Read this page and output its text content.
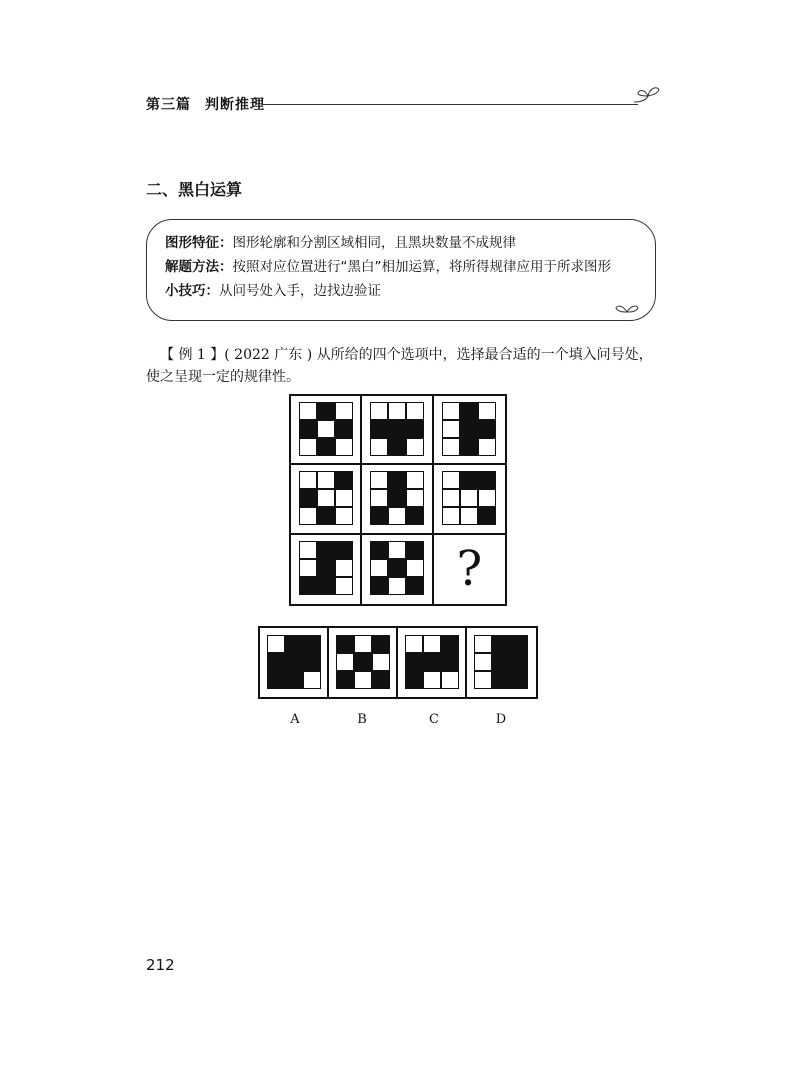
第三篇 判断推理
二、黑白运算
图形特征：图形轮廓和分割区域相同，且黑块数量不成规律
解题方法：按照对应位置进行“黑白”相加运算，将所得规律应用于所求图形
小技巧：从问号处入手，边找边验证
【 例 1 】( 2022 广东 ) 从所给的四个选项中，选择最合适的一个填入问号处，使之呈现一定的规律性。
?
A	B	C	D
212
